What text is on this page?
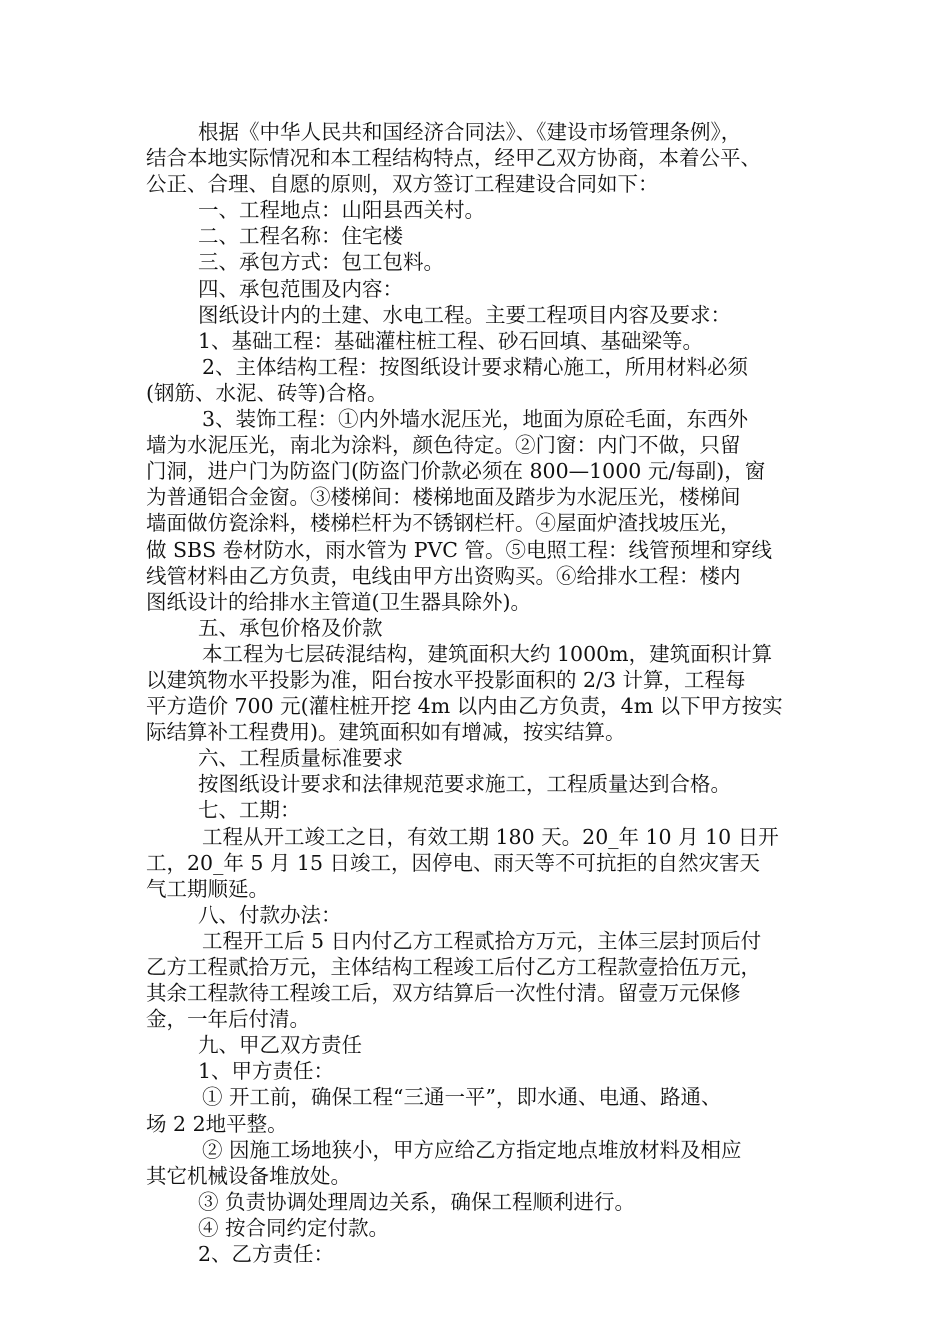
根据《中华人民共和国经济合同法》、《建设市场管理条例》，
结合本地实际情况和本工程结构特点，经甲乙双方协商，本着公平、
公正、合理、自愿的原则，双方签订工程建设合同如下：
一、工程地点：山阳县西关村。
二、工程名称：住宅楼
三、承包方式：包工包料。
四、承包范围及内容：
图纸设计内的土建、水电工程。主要工程项目内容及要求：
1、基础工程：基础灌柱桩工程、砂石回填、基础梁等。
2、主体结构工程：按图纸设计要求精心施工，所用材料必须
(钢筋、水泥、砖等)合格。
3、装饰工程：①内外墙水泥压光，地面为原砼毛面，东西外
墙为水泥压光，南北为涂料，颜色待定。②门窗：内门不做，只留
门洞，进户门为防盗门(防盗门价款必须在 800—1000 元/每副)，窗
为普通铝合金窗。③楼梯间：楼梯地面及踏步为水泥压光，楼梯间
墙面做仿瓷涂料，楼梯栏杆为不锈钢栏杆。④屋面炉渣找坡压光，
做 SBS 卷材防水，雨水管为 PVC 管。⑤电照工程：线管预埋和穿线
线管材料由乙方负责，电线由甲方出资购买。⑥给排水工程：楼内
图纸设计的给排水主管道(卫生器具除外)。
五、承包价格及价款
本工程为七层砖混结构，建筑面积大约 1000m，建筑面积计算
以建筑物水平投影为准，阳台按水平投影面积的 2/3 计算，工程每
平方造价 700 元(灌柱桩开挖 4m 以内由乙方负责，4m 以下甲方按实
际结算补工程费用)。建筑面积如有增减，按实结算。
六、工程质量标准要求
按图纸设计要求和法律规范要求施工，工程质量达到合格。
七、工期：
工程从开工竣工之日，有效工期 180 天。20_年 10 月 10 日开
工，20_年 5 月 15 日竣工，因停电、雨天等不可抗拒的自然灾害天
气工期顺延。
八、付款办法：
工程开工后 5 日内付乙方工程贰拾方万元，主体三层封顶后付
乙方工程贰拾万元，主体结构工程竣工后付乙方工程款壹拾伍万元，
其余工程款待工程竣工后，双方结算后一次性付清。留壹万元保修
金，一年后付清。
九、甲乙双方责任
1、甲方责任：
① 开工前，确保工程“三通一平”，即水通、电通、路通、
场 2 2地平整。
② 因施工场地狭小，甲方应给乙方指定地点堆放材料及相应
其它机械设备堆放处。
③ 负责协调处理周边关系，确保工程顺利进行。
④ 按合同约定付款。
2、乙方责任：
